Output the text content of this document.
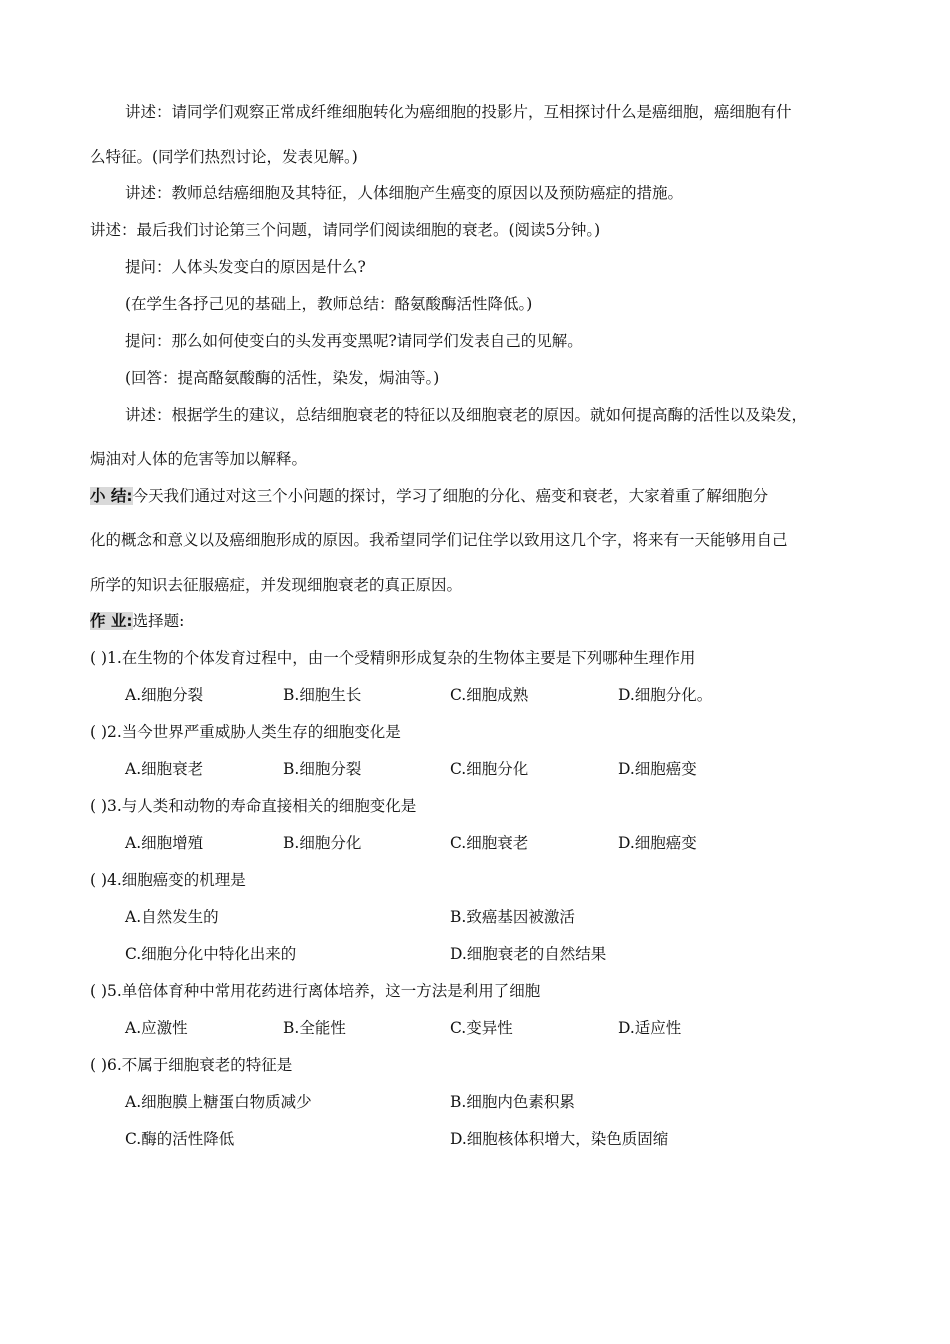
讲述：请同学们观察正常成纤维细胞转化为癌细胞的投影片，互相探讨什么是癌细胞，癌细胞有什
么特征。(同学们热烈讨论，发表见解。)
讲述：教师总结癌细胞及其特征，人体细胞产生癌变的原因以及预防癌症的措施。
讲述：最后我们讨论第三个问题，请同学们阅读细胞的衰老。(阅读5分钟。)
提问：人体头发变白的原因是什么?
(在学生各抒己见的基础上，教师总结：酪氨酸酶活性降低。)
提问：那么如何使变白的头发再变黑呢?请同学们发表自己的见解。
(回答：提高酪氨酸酶的活性，染发，焗油等。)
讲述：根据学生的建议，总结细胞衰老的特征以及细胞衰老的原因。就如何提高酶的活性以及染发，
焗油对人体的危害等加以解释。
小 结:今天我们通过对这三个小问题的探讨，学习了细胞的分化、癌变和衰老，大家着重了解细胞分
化的概念和意义以及癌细胞形成的原因。我希望同学们记住学以致用这几个字，将来有一天能够用自己
所学的知识去征服癌症，并发现细胞衰老的真正原因。
作 业:选择题:
( )1.在生物的个体发育过程中，由一个受精卵形成复杂的生物体主要是下列哪种生理作用
A.细胞分裂	B.细胞生长	C.细胞成熟	D.细胞分化。
( )2.当今世界严重威胁人类生存的细胞变化是
A.细胞衰老	B.细胞分裂	C.细胞分化	D.细胞癌变
( )3.与人类和动物的寿命直接相关的细胞变化是
A.细胞增殖	B.细胞分化	C.细胞衰老	D.细胞癌变
( )4.细胞癌变的机理是
A.自然发生的	B.致癌基因被激活
C.细胞分化中特化出来的	D.细胞衰老的自然结果
( )5.单倍体育种中常用花药进行离体培养，这一方法是利用了细胞
A.应激性	B.全能性	C.变异性	D.适应性
( )6.不属于细胞衰老的特征是
A.细胞膜上糖蛋白物质减少	B.细胞内色素积累
C.酶的活性降低	D.细胞核体积增大，染色质固缩
